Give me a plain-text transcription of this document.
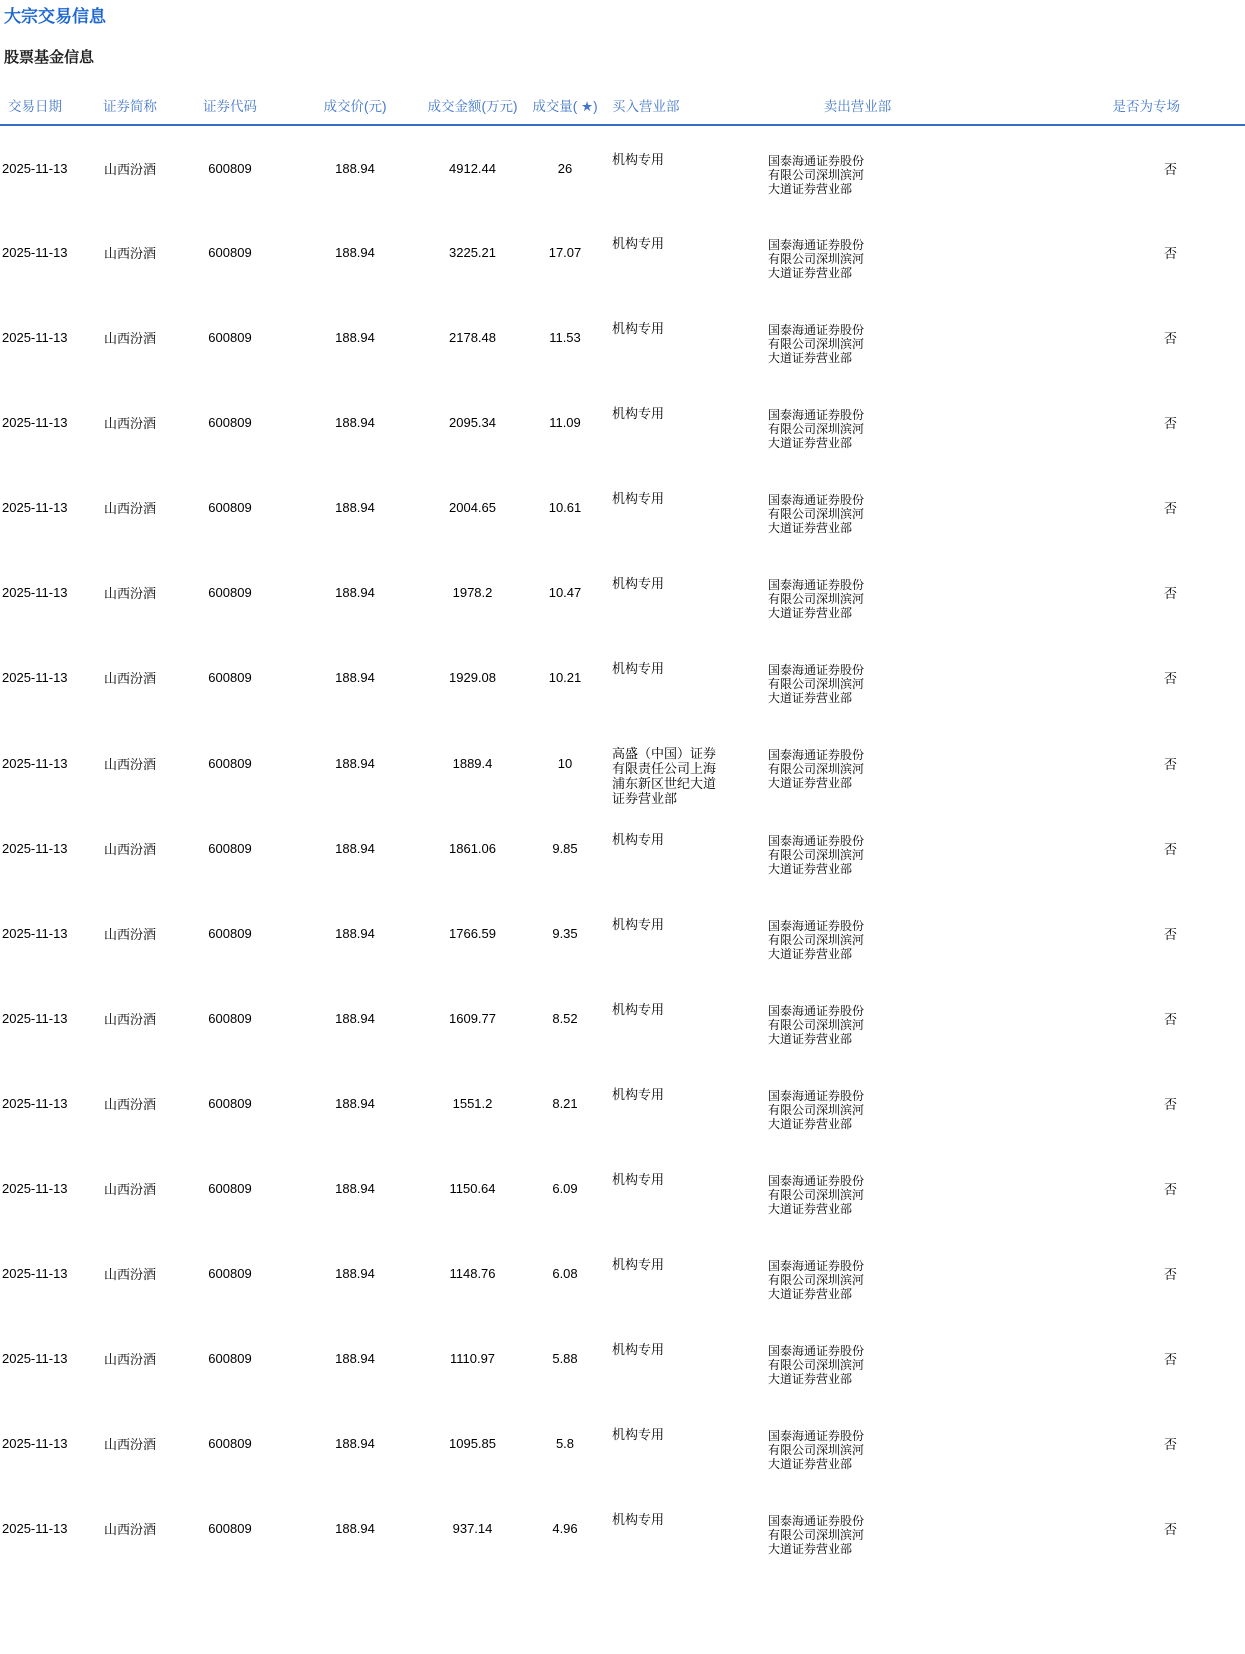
大宗交易信息
股票基金信息
交易日期	证券简称	证券代码	成交价(元)	成交金额(万元)	成交量( ★)	买入营业部	卖出营业部	是否为专场
2025-11-13	山西汾酒	600809	188.94	4912.44	26	机构专用	国泰海通证券股份有限公司深圳滨河大道证券营业部	否
2025-11-13	山西汾酒	600809	188.94	3225.21	17.07	机构专用	国泰海通证券股份有限公司深圳滨河大道证券营业部	否
2025-11-13	山西汾酒	600809	188.94	2178.48	11.53	机构专用	国泰海通证券股份有限公司深圳滨河大道证券营业部	否
2025-11-13	山西汾酒	600809	188.94	2095.34	11.09	机构专用	国泰海通证券股份有限公司深圳滨河大道证券营业部	否
2025-11-13	山西汾酒	600809	188.94	2004.65	10.61	机构专用	国泰海通证券股份有限公司深圳滨河大道证券营业部	否
2025-11-13	山西汾酒	600809	188.94	1978.2	10.47	机构专用	国泰海通证券股份有限公司深圳滨河大道证券营业部	否
2025-11-13	山西汾酒	600809	188.94	1929.08	10.21	机构专用	国泰海通证券股份有限公司深圳滨河大道证券营业部	否
2025-11-13	山西汾酒	600809	188.94	1889.4	10	高盛（中国）证券有限责任公司上海浦东新区世纪大道证券营业部	国泰海通证券股份有限公司深圳滨河大道证券营业部	否
2025-11-13	山西汾酒	600809	188.94	1861.06	9.85	机构专用	国泰海通证券股份有限公司深圳滨河大道证券营业部	否
2025-11-13	山西汾酒	600809	188.94	1766.59	9.35	机构专用	国泰海通证券股份有限公司深圳滨河大道证券营业部	否
2025-11-13	山西汾酒	600809	188.94	1609.77	8.52	机构专用	国泰海通证券股份有限公司深圳滨河大道证券营业部	否
2025-11-13	山西汾酒	600809	188.94	1551.2	8.21	机构专用	国泰海通证券股份有限公司深圳滨河大道证券营业部	否
2025-11-13	山西汾酒	600809	188.94	1150.64	6.09	机构专用	国泰海通证券股份有限公司深圳滨河大道证券营业部	否
2025-11-13	山西汾酒	600809	188.94	1148.76	6.08	机构专用	国泰海通证券股份有限公司深圳滨河大道证券营业部	否
2025-11-13	山西汾酒	600809	188.94	1110.97	5.88	机构专用	国泰海通证券股份有限公司深圳滨河大道证券营业部	否
2025-11-13	山西汾酒	600809	188.94	1095.85	5.8	机构专用	国泰海通证券股份有限公司深圳滨河大道证券营业部	否
2025-11-13	山西汾酒	600809	188.94	937.14	4.96	机构专用	国泰海通证券股份有限公司深圳滨河大道证券营业部	否
